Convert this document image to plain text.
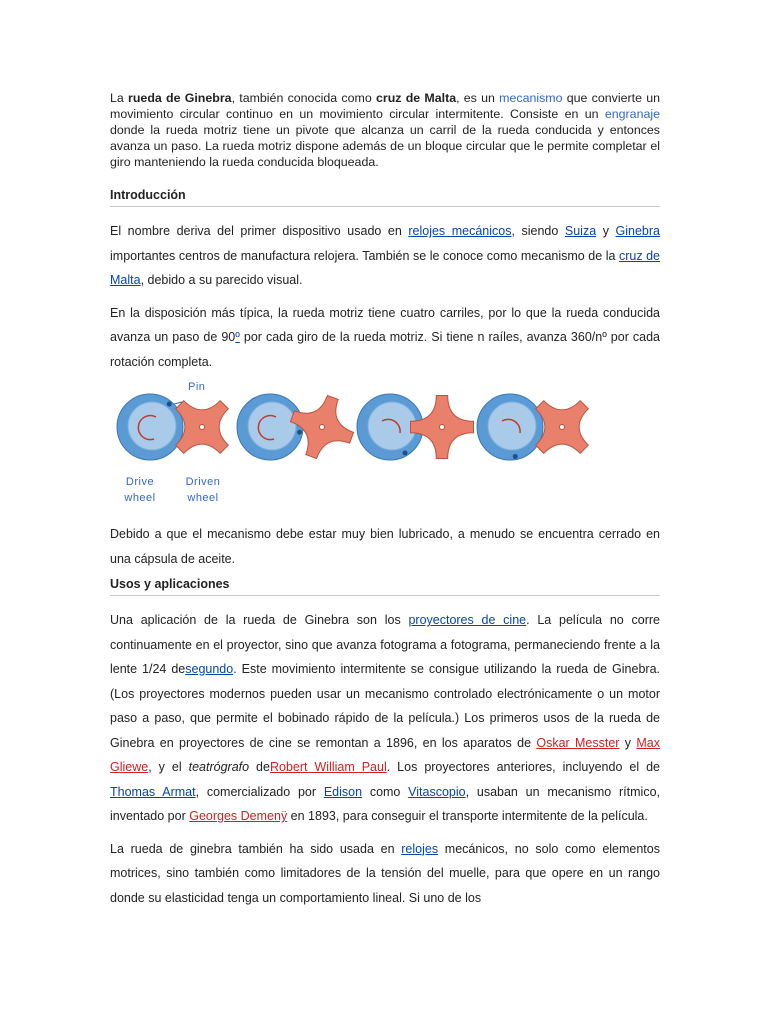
La rueda de Ginebra, también conocida como cruz de Malta, es un mecanismo que convierte un movimiento circular continuo en un movimiento circular intermitente. Consiste en un engranaje donde la rueda motriz tiene un pivote que alcanza un carril de la rueda conducida y entonces avanza un paso. La rueda motriz dispone además de un bloque circular que le permite completar el giro manteniendo la rueda conducida bloqueada.

Introducción

El nombre deriva del primer dispositivo usado en relojes mecánicos, siendo Suiza y Ginebra importantes centros de manufactura relojera. También se le conoce como mecanismo de la cruz de Malta, debido a su parecido visual.

En la disposición más típica, la rueda motriz tiene cuatro carriles, por lo que la rueda conducida avanza un paso de 90º por cada giro de la rueda motriz. Si tiene n raíles, avanza 360/nº por cada rotación completa.

Pin
Drive wheel
Driven wheel

Debido a que el mecanismo debe estar muy bien lubricado, a menudo se encuentra cerrado en una cápsula de aceite.

Usos y aplicaciones

Una aplicación de la rueda de Ginebra son los proyectores de cine. La película no corre continuamente en el proyector, sino que avanza fotograma a fotograma, permaneciendo frente a la lente 1/24 desegundo. Este movimiento intermitente se consigue utilizando la rueda de Ginebra. (Los proyectores modernos pueden usar un mecanismo controlado electrónicamente o un motor paso a paso, que permite el bobinado rápido de la película.) Los primeros usos de la rueda de Ginebra en proyectores de cine se remontan a 1896, en los aparatos de Oskar Messter y Max Gliewe, y el teatrógrafo deRobert William Paul. Los proyectores anteriores, incluyendo el de Thomas Armat, comercializado por Edison como Vitascopio, usaban un mecanismo rítmico, inventado por Georges Demenÿ en 1893, para conseguir el transporte intermitente de la película.

La rueda de ginebra también ha sido usada en relojes mecánicos, no solo como elementos motrices, sino también como limitadores de la tensión del muelle, para que opere en un rango donde su elasticidad tenga un comportamiento lineal. Si uno de los
